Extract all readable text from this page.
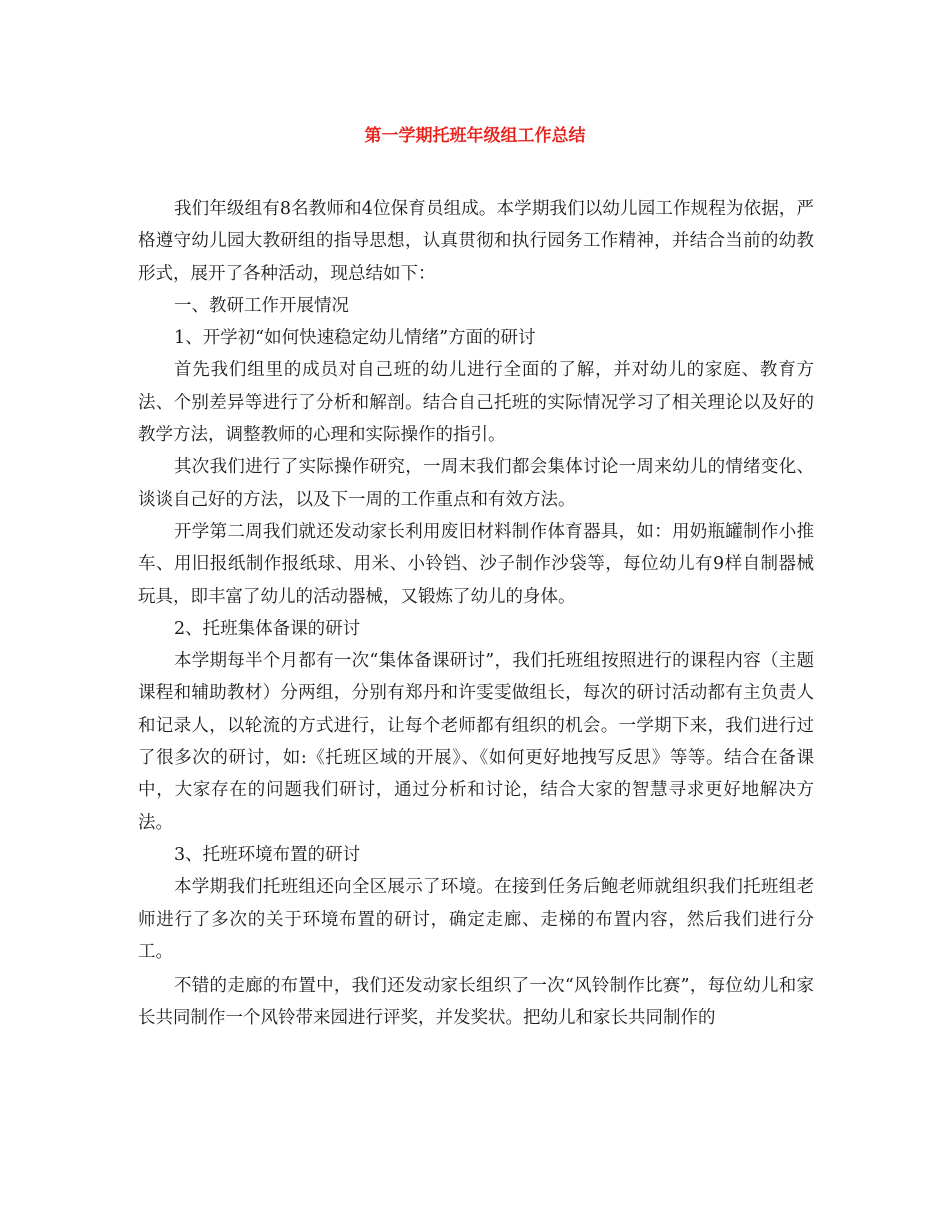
第一学期托班年级组工作总结

我们年级组有8名教师和4位保育员组成。本学期我们以幼儿园工作规程为依据，严格遵守幼儿园大教研组的指导思想，认真贯彻和执行园务工作精神，并结合当前的幼教形式，展开了各种活动，现总结如下：

一、教研工作开展情况

1、开学初“如何快速稳定幼儿情绪”方面的研讨

首先我们组里的成员对自己班的幼儿进行全面的了解，并对幼儿的家庭、教育方法、个别差异等进行了分析和解剖。结合自己托班的实际情况学习了相关理论以及好的教学方法，调整教师的心理和实际操作的指引。

其次我们进行了实际操作研究，一周末我们都会集体讨论一周来幼儿的情绪变化、谈谈自己好的方法，以及下一周的工作重点和有效方法。

开学第二周我们就还发动家长利用废旧材料制作体育器具，如：用奶瓶罐制作小推车、用旧报纸制作报纸球、用米、小铃铛、沙子制作沙袋等，每位幼儿有9样自制器械玩具，即丰富了幼儿的活动器械，又锻炼了幼儿的身体。

2、托班集体备课的研讨

本学期每半个月都有一次“集体备课研讨”，我们托班组按照进行的课程内容（主题课程和辅助教材）分两组，分别有郑丹和许雯雯做组长，每次的研讨活动都有主负责人和记录人，以轮流的方式进行，让每个老师都有组织的机会。一学期下来，我们进行过了很多次的研讨，如:《托班区域的开展》、《如何更好地拽写反思》等等。结合在备课中，大家存在的问题我们研讨，通过分析和讨论，结合大家的智慧寻求更好地解决方法。

3、托班环境布置的研讨

本学期我们托班组还向全区展示了环境。在接到任务后鲍老师就组织我们托班组老师进行了多次的关于环境布置的研讨，确定走廊、走梯的布置内容，然后我们进行分工。

不错的走廊的布置中，我们还发动家长组织了一次“风铃制作比赛”，每位幼儿和家长共同制作一个风铃带来园进行评奖，并发奖状。把幼儿和家长共同制作的
